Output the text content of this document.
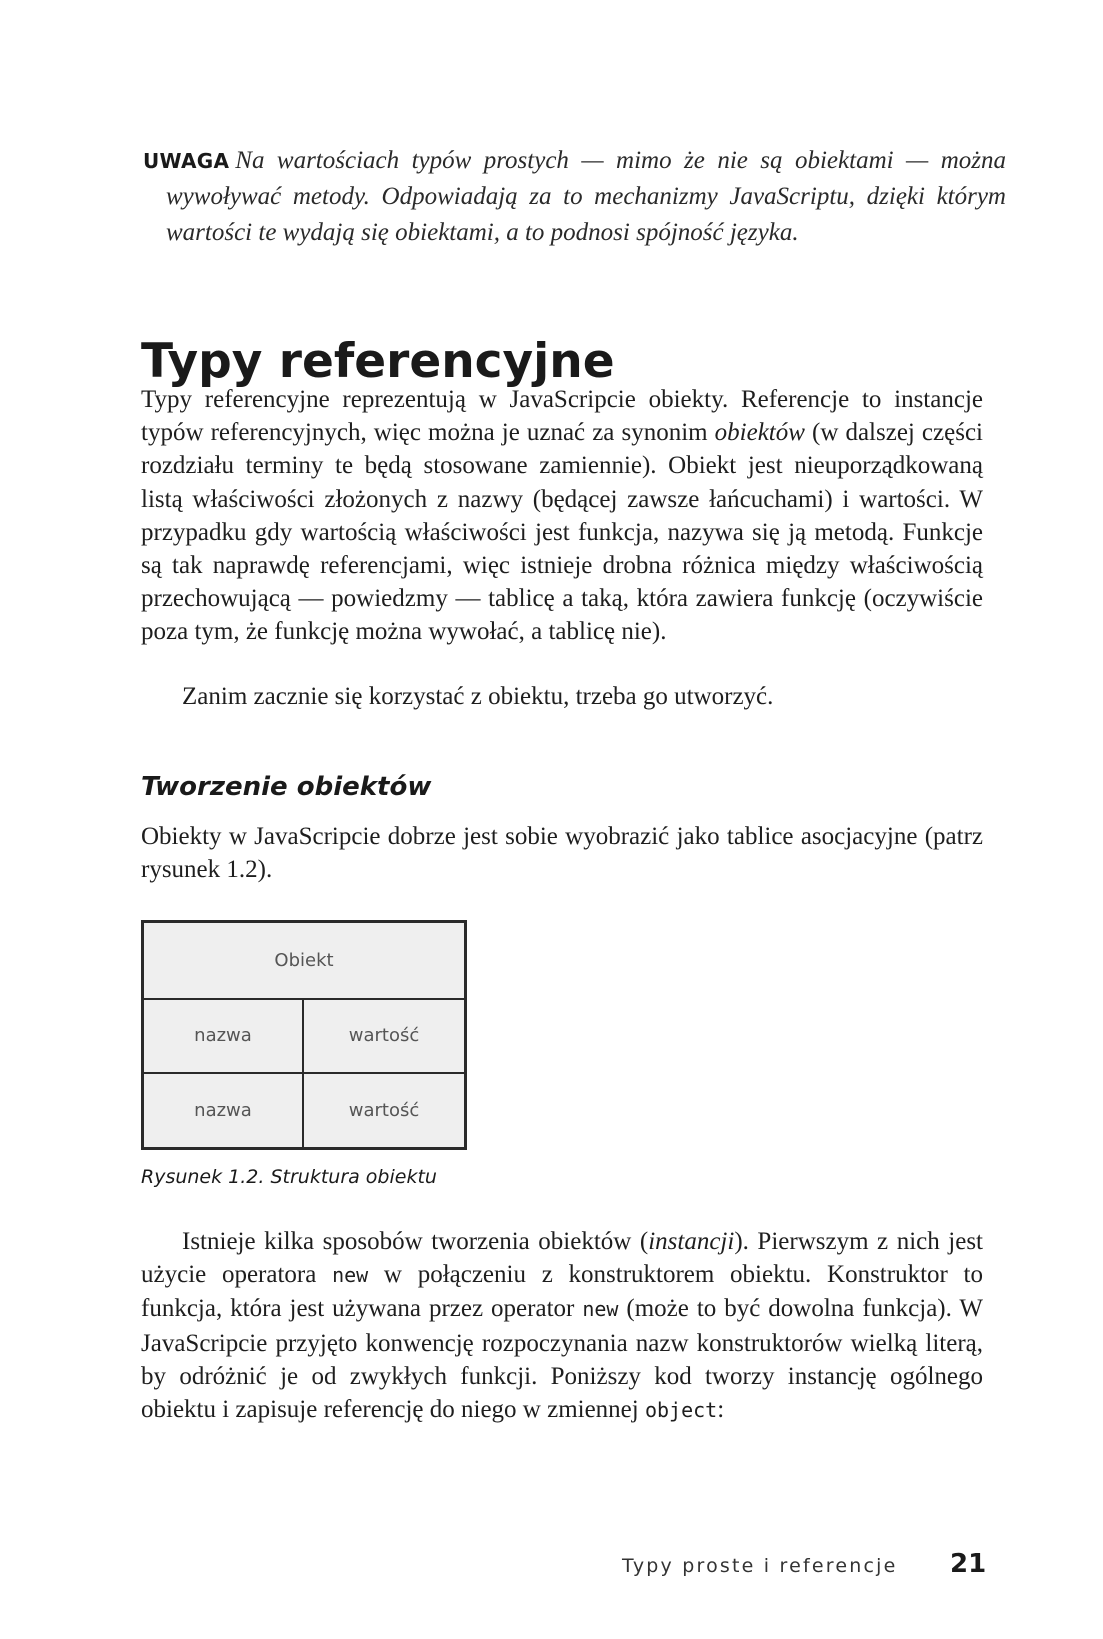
UWAGA Na wartościach typów prostych — mimo że nie są obiektami — można wywoływać metody. Odpowiadają za to mechanizmy JavaScriptu, dzięki którym wartości te wydają się obiektami, a to podnosi spójność języka.

Typy referencyjne

Typy referencyjne reprezentują w JavaScripcie obiekty. Referencje to instancje typów referencyjnych, więc można je uznać za synonim obiektów (w dalszej części rozdziału terminy te będą stosowane zamiennie). Obiekt jest nieuporządkowaną listą właściwości złożonych z nazwy (będącej zawsze łańcuchami) i wartości. W przypadku gdy wartością właściwości jest funkcja, nazywa się ją metodą. Funkcje są tak naprawdę referencjami, więc istnieje drobna różnica między właściwością przechowującą — powiedzmy — tablicę a taką, która zawiera funkcję (oczywiście poza tym, że funkcję można wywołać, a tablicę nie).

Zanim zacznie się korzystać z obiektu, trzeba go utworzyć.

Tworzenie obiektów

Obiekty w JavaScripcie dobrze jest sobie wyobrazić jako tablice asocjacyjne (patrz rysunek 1.2).

Obiekt
nazwa	wartość
nazwa	wartość

Rysunek 1.2. Struktura obiektu

Istnieje kilka sposobów tworzenia obiektów (instancji). Pierwszym z nich jest użycie operatora new w połączeniu z konstruktorem obiektu. Konstruktor to funkcja, która jest używana przez operator new (może to być dowolna funkcja). W JavaScripcie przyjęto konwencję rozpoczynania nazw konstruktorów wielką literą, by odróżnić je od zwykłych funkcji. Poniższy kod tworzy instancję ogólnego obiektu i zapisuje referencję do niego w zmiennej object:

Typy proste i referencje 21
